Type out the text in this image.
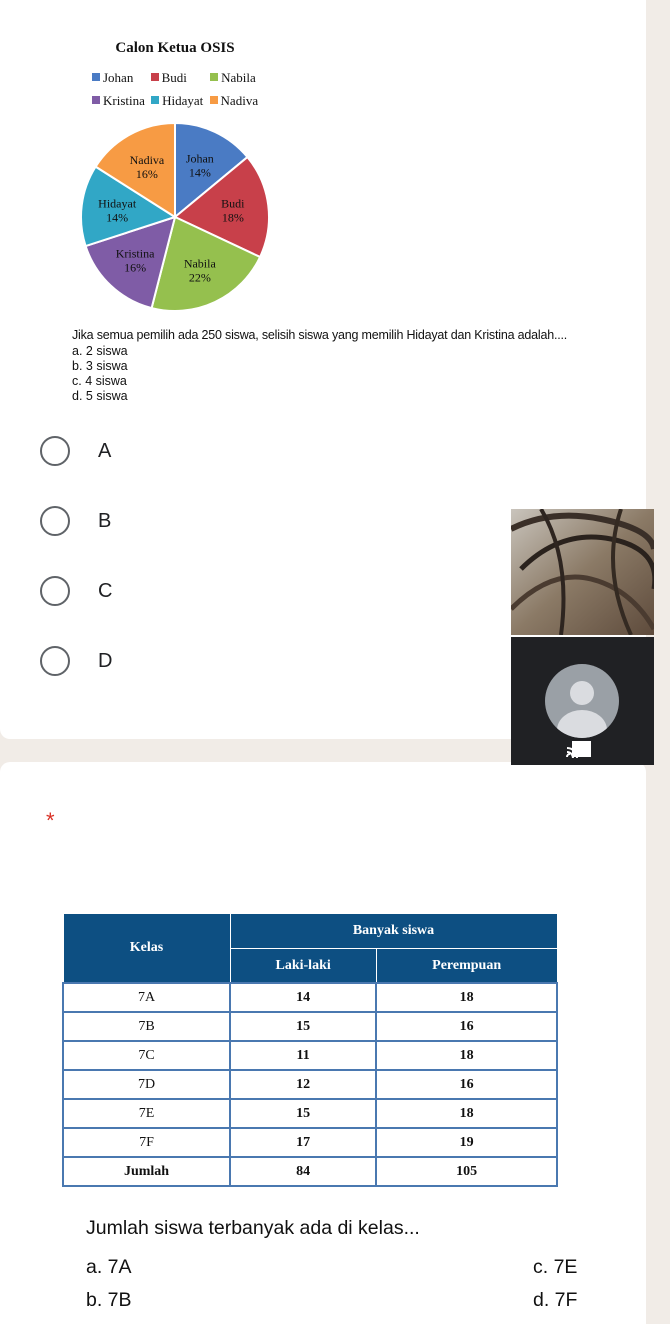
Calon Ketua OSIS
Johan Budi	Nabila
Kristina Hidayat Nadiva
Johan 14%
Budi 18%
Nabila 22%
Kristina 16%
Hidayat 14%
Nadiva 16%
Jika semua pemilih ada 250 siswa, selisih siswa yang memilih Hidayat dan Kristina adalah....
a. 2 siswa
b. 3 siswa
c. 4 siswa
d. 5 siswa
A
B
C
D
*
Kelas	Banyak siswa	
	Laki-laki	Perempuan
7A	14	18
7B	15	16
7C	11	18
7D	12	16
7E	15	18
7F	17	19
Jumlah	84	105
Jumlah siswa terbanyak ada di kelas...
a. 7A	c. 7E
b. 7B	d. 7F
